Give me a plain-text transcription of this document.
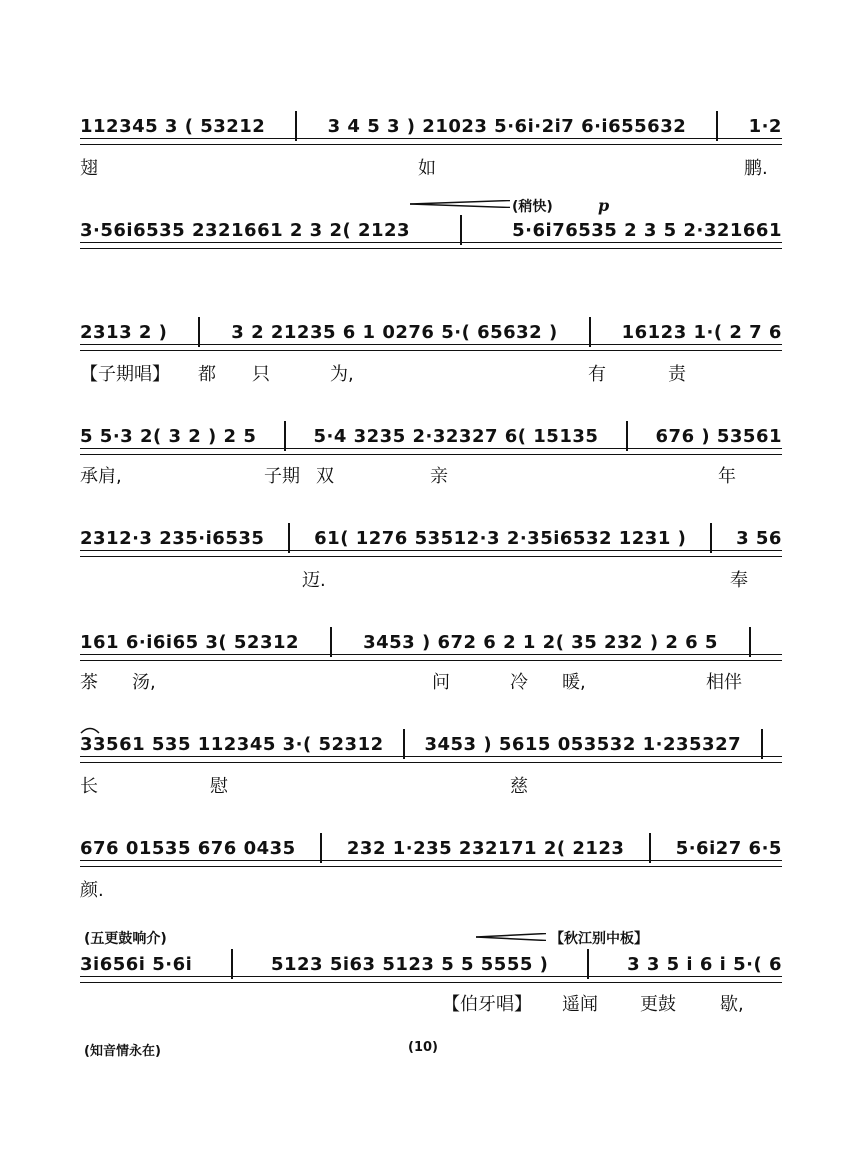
112345 3 ( 53212	3 4 5 3 ) 21023 5·6i·2i7 6·i655632	1·2
翅	如	鹏.
(稍快)	p
3·56i6535 2321661 2 3 2( 2123	5·6i76535 2 3 5 2·321661
2313 2 )	3 2 21235 6 1 0276 5·( 65632 )	16123 1·( 2 7 6
【子期唱】 都 只	为,	有	责
5 5·3 2( 3 2 ) 2 5	5·4 3235 2·32327 6( 15135	676 ) 53561
承肩,	子期 双	亲	年
2312·3 235·i6535	61( 1276 53512·3 2·35i6532 1231 )	3 56
迈.	奉
161 6·i6i65 3( 52312	3453 ) 672 6 2 1 2( 35 232 ) 2 6 5
茶 汤,	问	冷 暖,	相伴
33561 535 112345 3·( 52312 3453 ) 5615 053532 1·235327
长	慰	慈
676 01535 676 0435	232 1·235 232171 2( 2123	5·6i27 6·5
颜.
(五更鼓响介)	【秋江别中板】
3i656i 5·6i	5123 5i63 5123 5 5 5555 )	3 3 5 i 6 i 5·( 6
【伯牙唱】 遥闻 更鼓 歇,
(知音情永在)	(10)
